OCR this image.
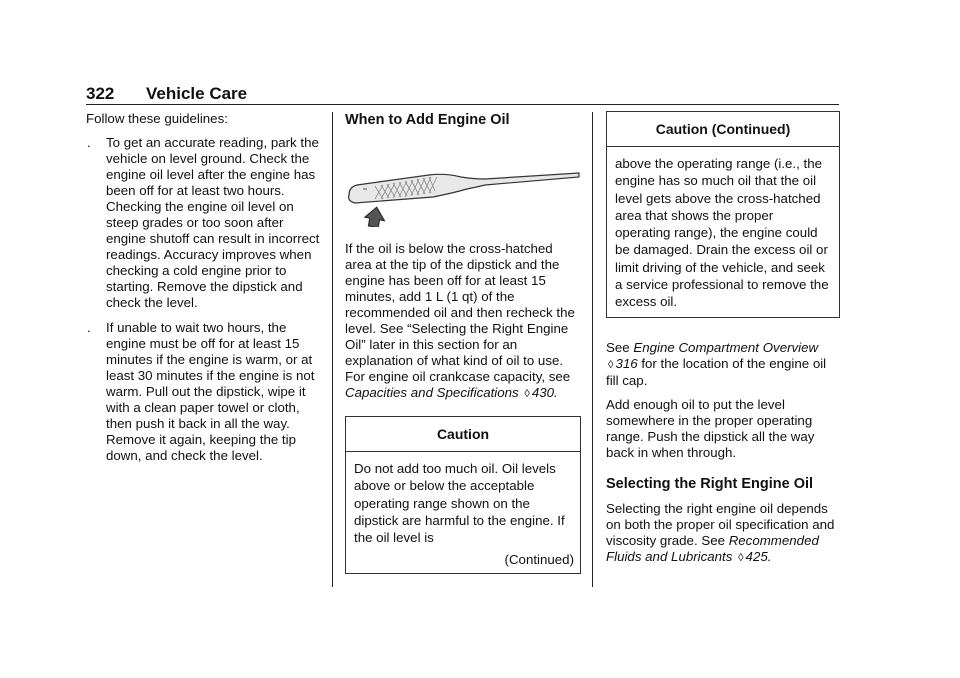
322 Vehicle Care

Follow these guidelines:

. To get an accurate reading, park the vehicle on level ground. Check the engine oil level after the engine has been off for at least two hours. Checking the engine oil level on steep grades or too soon after engine shutoff can result in incorrect readings. Accuracy improves when checking a cold engine prior to starting. Remove the dipstick and check the level.
. If unable to wait two hours, the engine must be off for at least 15 minutes if the engine is warm, or at least 30 minutes if the engine is not warm. Pull out the dipstick, wipe it with a clean paper towel or cloth, then push it back in all the way. Remove it again, keeping the tip down, and check the level.
When to Add Engine Oil

If the oil is below the cross-hatched area at the tip of the dipstick and the engine has been off for at least 15 minutes, add 1 L (1 qt) of the recommended oil and then recheck the level. See “Selecting the Right Engine Oil” later in this section for an explanation of what kind of oil to use. For engine oil crankcase capacity, see Capacities and Specifications ◊ 430.

Caution
Do not add too much oil. Oil levels above or below the acceptable operating range shown on the dipstick are harmful to the engine. If the oil level is
(Continued)
Caution (Continued)
above the operating range (i.e., the engine has so much oil that the oil level gets above the cross-hatched area that shows the proper operating range), the engine could be damaged. Drain the excess oil or limit driving of the vehicle, and seek a service professional to remove the excess oil.

See Engine Compartment Overview
◊ 316 for the location of the engine oil fill cap.

Add enough oil to put the level somewhere in the proper operating range. Push the dipstick all the way back in when through.

Selecting the Right Engine Oil

Selecting the right engine oil depends on both the proper oil specification and viscosity grade. See Recommended Fluids and Lubricants ◊ 425.
